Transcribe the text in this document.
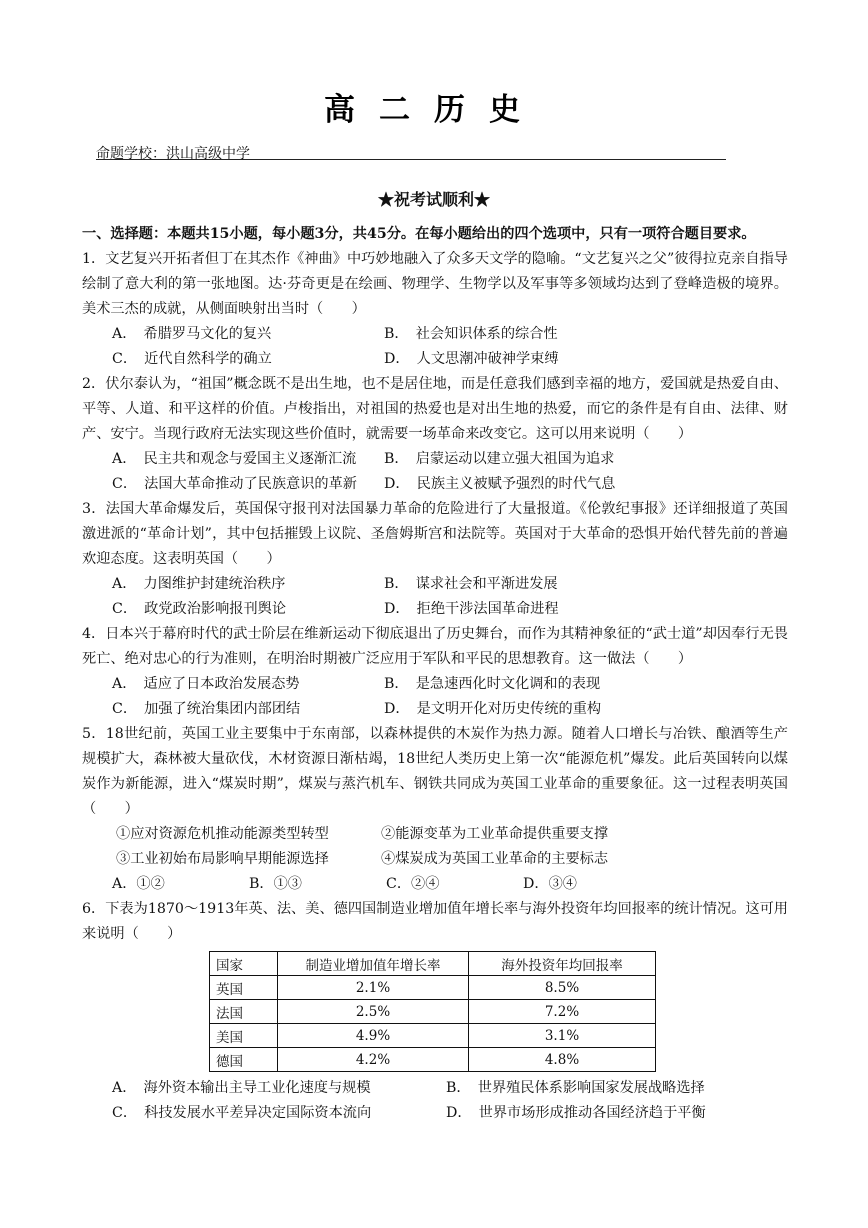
高二历史
命题学校：洪山高级中学
★祝考试顺利★

一、选择题：本题共15小题，每小题3分，共45分。在每小题给出的四个选项中，只有一项符合题目要求。

1．文艺复兴开拓者但丁在其杰作《神曲》中巧妙地融入了众多天文学的隐喻。“文艺复兴之父”彼得拉克亲自指导绘制了意大利的第一张地图。达·芬奇更是在绘画、物理学、生物学以及军事等多领域均达到了登峰造极的境界。美术三杰的成就，从侧面映射出当时（　　）

A．　希腊罗马文化的复兴	B．　社会知识体系的综合性
C．　近代自然科学的确立	D．　人文思潮冲破神学束缚

2．伏尔泰认为，“祖国”概念既不是出生地，也不是居住地，而是任意我们感到幸福的地方，爱国就是热爱自由、平等、人道、和平这样的价值。卢梭指出，对祖国的热爱也是对出生地的热爱，而它的条件是有自由、法律、财产、安宁。当现行政府无法实现这些价值时，就需要一场革命来改变它。这可以用来说明（　　）

A．　民主共和观念与爱国主义逐渐汇流	B．　启蒙运动以建立强大祖国为追求
C．　法国大革命推动了民族意识的革新	D．　民族主义被赋予强烈的时代气息

3．法国大革命爆发后，英国保守报刊对法国暴力革命的危险进行了大量报道。《伦敦纪事报》还详细报道了英国激进派的“革命计划”，其中包括摧毁上议院、圣詹姆斯宫和法院等。英国对于大革命的恐惧开始代替先前的普遍欢迎态度。这表明英国（　　）

A．　力图维护封建统治秩序	B．　谋求社会和平渐进发展
C．　政党政治影响报刊舆论	D．　拒绝干涉法国革命进程

4．日本兴于幕府时代的武士阶层在维新运动下彻底退出了历史舞台，而作为其精神象征的“武士道”却因奉行无畏死亡、绝对忠心的行为准则，在明治时期被广泛应用于军队和平民的思想教育。这一做法（　　）

A．　适应了日本政治发展态势	B．　是急速西化时文化调和的表现
C．　加强了统治集团内部团结	D．　是文明开化对历史传统的重构

5．18世纪前，英国工业主要集中于东南部，以森林提供的木炭作为热力源。随着人口增长与冶铁、酿酒等生产规模扩大，森林被大量砍伐，木材资源日渐枯竭，18世纪人类历史上第一次“能源危机”爆发。此后英国转向以煤炭作为新能源，进入“煤炭时期”，煤炭与蒸汽机车、钢铁共同成为英国工业革命的重要象征。这一过程表明英国（　　）

①应对资源危机推动能源类型转型	②能源变革为工业革命提供重要支撑
③工业初始布局影响早期能源选择	④煤炭成为英国工业革命的主要标志
A．①②	B．①③	C．②④	D．③④

6．下表为1870～1913年英、法、美、德四国制造业增加值年增长率与海外投资年均回报率的统计情况。这可用来说明（　　）

国家	制造业增加值年增长率	海外投资年均回报率
英国	2.1%	8.5%
法国	2.5%	7.2%
美国	4.9%	3.1%
德国	4.2%	4.8%
A．　海外资本输出主导工业化速度与规模	B．　世界殖民体系影响国家发展战略选择
C．　科技发展水平差异决定国际资本流向	D．　世界市场形成推动各国经济趋于平衡
